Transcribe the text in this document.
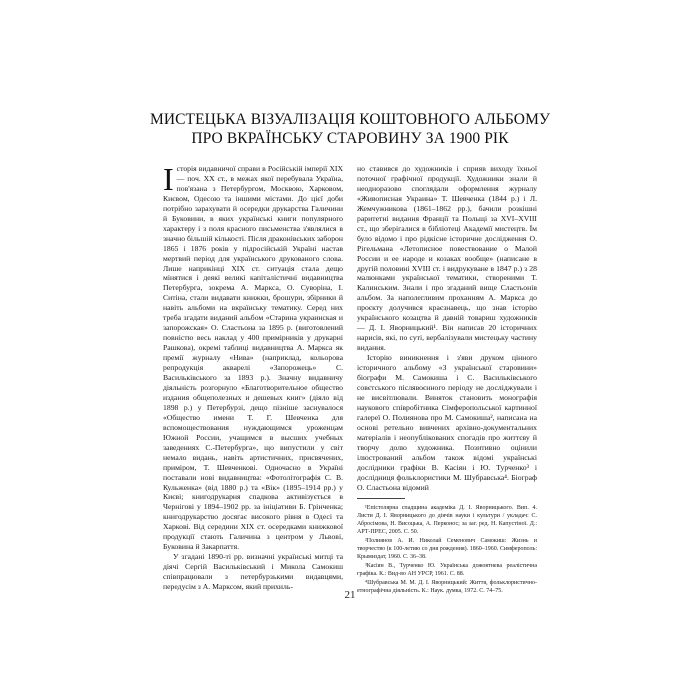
МИСТЕЦЬКА ВІЗУАЛІЗАЦІЯ КОШТОВНОГО АЛЬБОМУ
ПРО ВКРАЇНСЬКУ СТАРОВИНУ ЗА 1900 РІК

Історія видавничої справи в Російській імперії XIX — поч. XX ст., в межах якої перебувала Україна, пов'язана з Петербургом, Москвою, Харковом, Києвом, Одесою та іншими містами. До цієї доби потрібно зарахувати й осередки друкарства Галичини й Буковини, в яких українські книги популярного характеру і з поля красного письменства з'являлися в значно більшій кількості. Після драконівських заборон 1865 і 1876 років у підросійській Україні настав мертвий період для українського друкованого слова. Лише наприкінці XIX ст. ситуація стала дещо мінятися і деякі великі капіталістичні видавництва Петербурга, зокрема А. Маркса, О. Суворіна, І. Ситіна, стали видавати книжки, брошури, збірники й навіть альбоми на вкраїнську тематику. Серед них треба згадати виданий альбом «Старина украинская и запорожская» О. Сластьона за 1895 р. (виготовлений повністю весь наклад у 400 примірників у друкарні Рашкова), окремі таблиці видавництва А. Маркса як премії журналу «Нива» (наприклад, кольорова репродукція акварелі «Запорожець» С. Васильківського за 1893 р.). Значну видавничу діяльність розгорнуло «Благотворительное общество издания общеполезных и дешевых книг» (діяло від 1898 р.) у Петербурзі, дещо пізніше заснувалося «Общество имени Т. Г. Шевченка для вспомоществования нуждающимся уроженцам Южной России, учащимся в высших учебных заведениях С.-Петербурга», що випустили у світ немало видань, навіть артистичних, присвячених, приміром, Т. Шевченкові. Одночасно в Україні поставали нові видавництва: «Фотолітографія С. В. Кульженка» (від 1880 р.) та «Вік» (1895–1914 рр.) у Києві; книгодрукарня спадкова активізується в Чернігові у 1894–1902 рр. за ініціативи Б. Грінченка; книгодрукарство досягає високого рівня в Одесі та Харкові. Від середини XIX ст. осередками книжкової продукції стають Галичина з центром у Львові, Буковина й Закарпаття.

У згадані 1890-ті рр. визначні українські митці та діячі Сергій Васильківський і Микола Самокиш співпрацювали з петербурзькими видавцями, передусім з А. Марксом, який прихиль-

но ставився до художників і сприяв виходу їхньої поточної графічної продукції. Художники знали й неодноразово споглядали оформлення журналу «Живописная Украина» Т. Шевченка (1844 р.) і Л. Жемчужникова (1861–1862 рр.), бачили розкішні раритетні видання Франції та Польщі за XVI–XVIII ст., що зберігалися в бібліотеці Академії мистецтв. Їм було відомо і про рідкісне історичне дослідження О. Рігельмана «Летописное повествование о Малой России и ее народе и козаках вообще» (написане в другій половині XVIII ст. і видрукуване в 1847 р.) з 28 малюнками української тематики, створеними Т. Калинським. Знали і про згаданий вище Сластьонів альбом. За наполегливим проханням А. Маркса до проєкту долучився краєзнавець, що знав історію українського козацтва й давній товариш художників — Д. І. Яворницький¹. Він написав 20 історичних нарисів, які, по суті, вербалізували мистецьку частину видання.

Історію виникнення і з'яви друком цінного історичного альбому «З української старовини» біографи М. Самокиша і С. Васильківського совєтського післявоєнного періоду не досліджували і не висвітлювали. Виняток становить монографія наукового співробітника Сімферопольської картинної галереї О. Полиянова про М. Самокиша², написана на основі ретельно вивчених архівно-документальних матеріалів і неопублікованих спогадів про життєву й творчу долю художника. Позитивно оцінили ілюстрований альбом також відомі українські дослідники графіки В. Касіян і Ю. Турченко³ і дослідниця фольклористики М. Шубравська⁴. Біограф О. Сластьона відомий

¹Епістолярна спадщина академіка Д. І. Яворницького. Вип. 4. Листи Д. І. Яворницького до діячів науки і культури / укладач: С. Абросімова, Н. Висоцька, А. Перконос; за заг. ред. Н. Капустіної. Д.: АРТ-ПРЕС, 2005. С. 50.

²Полиянов А. И. Николай Семенович Самокиш: Жизнь и творчество (к 100-летию со дня рождения). 1860–1960. Симферополь: Крымиздат, 1960. С. 36–38.

³Касіян В., Турченко Ю. Українська дожовтнева реалістична графіка. К.: Вид-во АН УРСР, 1961. С. 88.

⁴Шубравська М. М. Д. І. Яворницький: Життя, фольклористично-етнографічна діяльність. К.: Наук. думка, 1972. С. 74–75.

21
